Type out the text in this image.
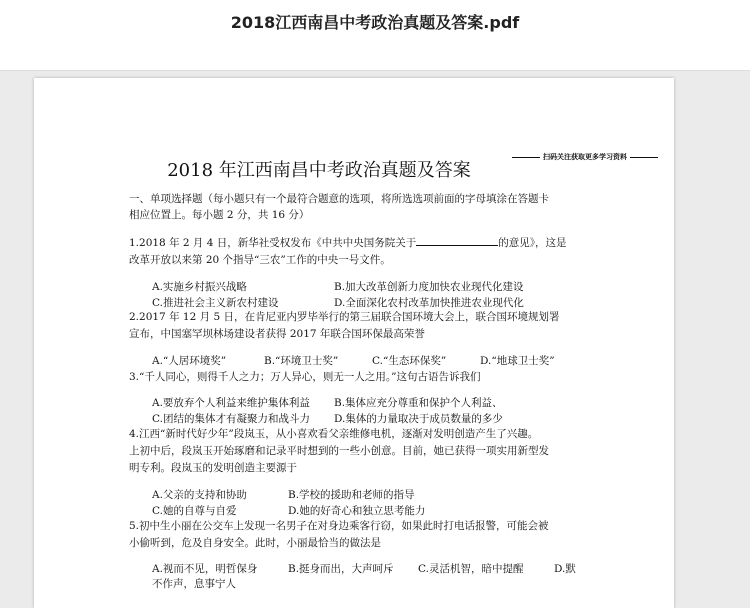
2018江西南昌中考政治真题及答案.pdf
扫码关注获取更多学习资料
2018 年江西南昌中考政治真题及答案
一、单项选择题（每小题只有一个最符合题意的选项，将所选选项前面的字母填涂在答题卡
相应位置上。每小题 2 分，共 16 分）
1.2018 年 2 月 4 日，新华社受权发布《中共中央国务院关于	的意见》，这是
改革开放以来第 20 个指导“三农”工作的中央一号文件。
A.实施乡村振兴战略	B.加大改革创新力度加快农业现代化建设
C.推进社会主义新农村建设	D.全面深化农村改革加快推进农业现代化
2.2017 年 12 月 5 日，在肯尼亚内罗毕举行的第三届联合国环境大会上，联合国环境规划署
宣布，中国塞罕坝林场建设者获得 2017 年联合国环保最高荣誉
A.“人居环境奖”	B.“环境卫士奖”	C.“生态环保奖”	D.“地球卫士奖”
3.“千人同心，则得千人之力；万人异心，则无一人之用。”这句古语告诉我们
A.要放弃个人利益来维护集体利益 B.集体应充分尊重和保护个人利益、
C.团结的集体才有凝聚力和战斗力 D.集体的力量取决于成员数量的多少
4.江西“新时代好少年”段岚玉，从小喜欢看父亲维修电机，逐渐对发明创造产生了兴趣。
上初中后，段岚玉开始琢磨和记录平时想到的一些小创意。目前，她已获得一项实用新型发
明专利。段岚玉的发明创造主要源于
A.父亲的支持和协助	B.学校的援助和老师的指导
C.她的自尊与自爱	D.她的好奇心和独立思考能力
5.初中生小丽在公交车上发现一名男子在对身边乘客行窃，如果此时打电话报警，可能会被
小偷听到，危及自身安全。此时，小丽最恰当的做法是
A.视而不见，明哲保身	B.挺身而出，大声呵斥 C.灵活机智，暗中提醒	D.默
不作声，息事宁人
